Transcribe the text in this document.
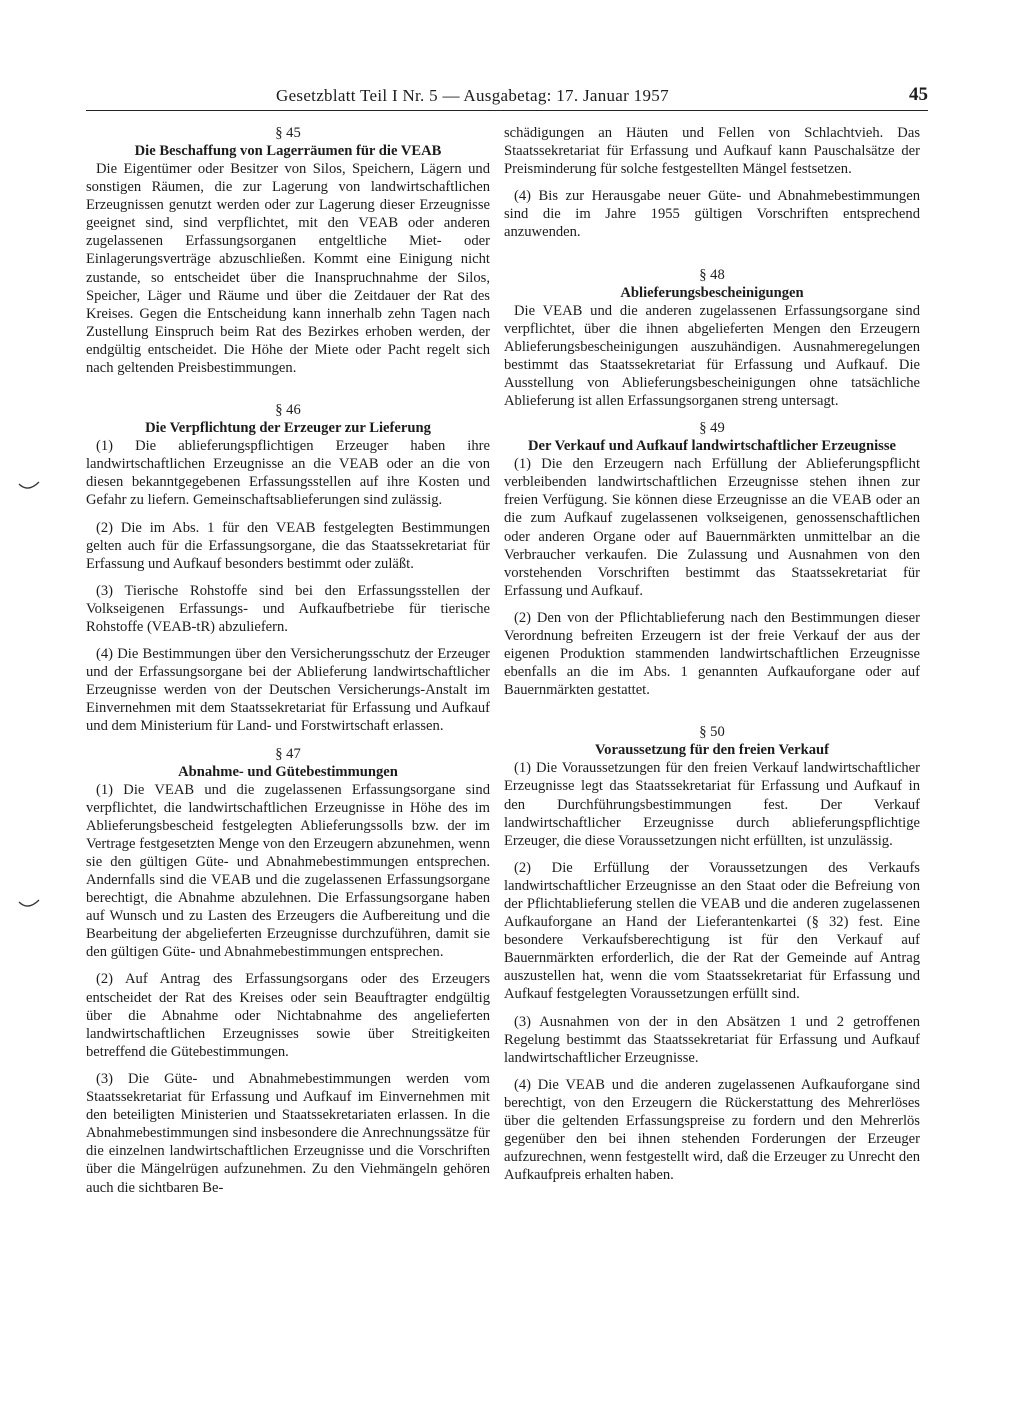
Gesetzblatt Teil I Nr. 5 — Ausgabetag: 17. Januar 1957	45

§ 45

Die Beschaffung von Lagerräumen für die VEAB

Die Eigentümer oder Besitzer von Silos, Speichern, Lägern und sonstigen Räumen, die zur Lagerung von landwirtschaftlichen Erzeugnissen genutzt werden oder zur Lagerung dieser Erzeugnisse geeignet sind, sind verpflichtet, mit den VEAB oder anderen zugelassenen Erfassungsorganen entgeltliche Miet- oder Einlagerungsverträge abzuschließen. Kommt eine Einigung nicht zustande, so entscheidet über die Inanspruchnahme der Silos, Speicher, Läger und Räume und über die Zeitdauer der Rat des Kreises. Gegen die Entscheidung kann innerhalb zehn Tagen nach Zustellung Einspruch beim Rat des Bezirkes erhoben werden, der endgültig entscheidet. Die Höhe der Miete oder Pacht regelt sich nach geltenden Preisbestimmungen.

§ 46

Die Verpflichtung der Erzeuger zur Lieferung

(1) Die ablieferungspflichtigen Erzeuger haben ihre landwirtschaftlichen Erzeugnisse an die VEAB oder an die von diesen bekanntgegebenen Erfassungsstellen auf ihre Kosten und Gefahr zu liefern. Gemeinschaftsablieferungen sind zulässig.

(2) Die im Abs. 1 für den VEAB festgelegten Bestimmungen gelten auch für die Erfassungsorgane, die das Staatssekretariat für Erfassung und Aufkauf besonders bestimmt oder zuläßt.

(3) Tierische Rohstoffe sind bei den Erfassungsstellen der Volkseigenen Erfassungs- und Aufkaufbetriebe für tierische Rohstoffe (VEAB-tR) abzuliefern.

(4) Die Bestimmungen über den Versicherungsschutz der Erzeuger und der Erfassungsorgane bei der Ablieferung landwirtschaftlicher Erzeugnisse werden von der Deutschen Versicherungs-Anstalt im Einvernehmen mit dem Staatssekretariat für Erfassung und Aufkauf und dem Ministerium für Land- und Forstwirtschaft erlassen.

§ 47

Abnahme- und Gütebestimmungen

(1) Die VEAB und die zugelassenen Erfassungsorgane sind verpflichtet, die landwirtschaftlichen Erzeugnisse in Höhe des im Ablieferungsbescheid festgelegten Ablieferungssolls bzw. der im Vertrage festgesetzten Menge von den Erzeugern abzunehmen, wenn sie den gültigen Güte- und Abnahmebestimmungen entsprechen. Andernfalls sind die VEAB und die zugelassenen Erfassungsorgane berechtigt, die Abnahme abzulehnen. Die Erfassungsorgane haben auf Wunsch und zu Lasten des Erzeugers die Aufbereitung und die Bearbeitung der abgelieferten Erzeugnisse durchzuführen, damit sie den gültigen Güte- und Abnahmebestimmungen entsprechen.

(2) Auf Antrag des Erfassungsorgans oder des Erzeugers entscheidet der Rat des Kreises oder sein Beauftragter endgültig über die Abnahme oder Nichtabnahme des angelieferten landwirtschaftlichen Erzeugnisses sowie über Streitigkeiten betreffend die Gütebestimmungen.

(3) Die Güte- und Abnahmebestimmungen werden vom Staatssekretariat für Erfassung und Aufkauf im Einvernehmen mit den beteiligten Ministerien und Staatssekretariaten erlassen. In die Abnahmebestimmungen sind insbesondere die Anrechnungssätze für die einzelnen landwirtschaftlichen Erzeugnisse und die Vorschriften über die Mängelrügen aufzunehmen. Zu den Viehmängeln gehören auch die sichtbaren Be-

schädigungen an Häuten und Fellen von Schlachtvieh. Das Staatssekretariat für Erfassung und Aufkauf kann Pauschalsätze der Preisminderung für solche festgestellten Mängel festsetzen.

(4) Bis zur Herausgabe neuer Güte- und Abnahmebestimmungen sind die im Jahre 1955 gültigen Vorschriften entsprechend anzuwenden.

§ 48

Ablieferungsbescheinigungen

Die VEAB und die anderen zugelassenen Erfassungsorgane sind verpflichtet, über die ihnen abgelieferten Mengen den Erzeugern Ablieferungsbescheinigungen auszuhändigen. Ausnahmeregelungen bestimmt das Staatssekretariat für Erfassung und Aufkauf. Die Ausstellung von Ablieferungsbescheinigungen ohne tatsächliche Ablieferung ist allen Erfassungsorganen streng untersagt.

§ 49

Der Verkauf und Aufkauf landwirtschaftlicher Erzeugnisse

(1) Die den Erzeugern nach Erfüllung der Ablieferungspflicht verbleibenden landwirtschaftlichen Erzeugnisse stehen ihnen zur freien Verfügung. Sie können diese Erzeugnisse an die VEAB oder an die zum Aufkauf zugelassenen volkseigenen, genossenschaftlichen oder anderen Organe oder auf Bauernmärkten unmittelbar an die Verbraucher verkaufen. Die Zulassung und Ausnahmen von den vorstehenden Vorschriften bestimmt das Staatssekretariat für Erfassung und Aufkauf.

(2) Den von der Pflichtablieferung nach den Bestimmungen dieser Verordnung befreiten Erzeugern ist der freie Verkauf der aus der eigenen Produktion stammenden landwirtschaftlichen Erzeugnisse ebenfalls an die im Abs. 1 genannten Aufkauforgane oder auf Bauernmärkten gestattet.

§ 50

Voraussetzung für den freien Verkauf

(1) Die Voraussetzungen für den freien Verkauf landwirtschaftlicher Erzeugnisse legt das Staatssekretariat für Erfassung und Aufkauf in den Durchführungsbestimmungen fest. Der Verkauf landwirtschaftlicher Erzeugnisse durch ablieferungspflichtige Erzeuger, die diese Voraussetzungen nicht erfüllten, ist unzulässig.

(2) Die Erfüllung der Voraussetzungen des Verkaufs landwirtschaftlicher Erzeugnisse an den Staat oder die Befreiung von der Pflichtablieferung stellen die VEAB und die anderen zugelassenen Aufkauforgane an Hand der Lieferantenkartei (§ 32) fest. Eine besondere Verkaufsberechtigung ist für den Verkauf auf Bauernmärkten erforderlich, die der Rat der Gemeinde auf Antrag auszustellen hat, wenn die vom Staatssekretariat für Erfassung und Aufkauf festgelegten Voraussetzungen erfüllt sind.

(3) Ausnahmen von der in den Absätzen 1 und 2 getroffenen Regelung bestimmt das Staatssekretariat für Erfassung und Aufkauf landwirtschaftlicher Erzeugnisse.

(4) Die VEAB und die anderen zugelassenen Aufkauforgane sind berechtigt, von den Erzeugern die Rückerstattung des Mehrerlöses über die geltenden Erfassungspreise zu fordern und den Mehrerlös gegenüber den bei ihnen stehenden Forderungen der Erzeuger aufzurechnen, wenn festgestellt wird, daß die Erzeuger zu Unrecht den Aufkaufpreis erhalten haben.
